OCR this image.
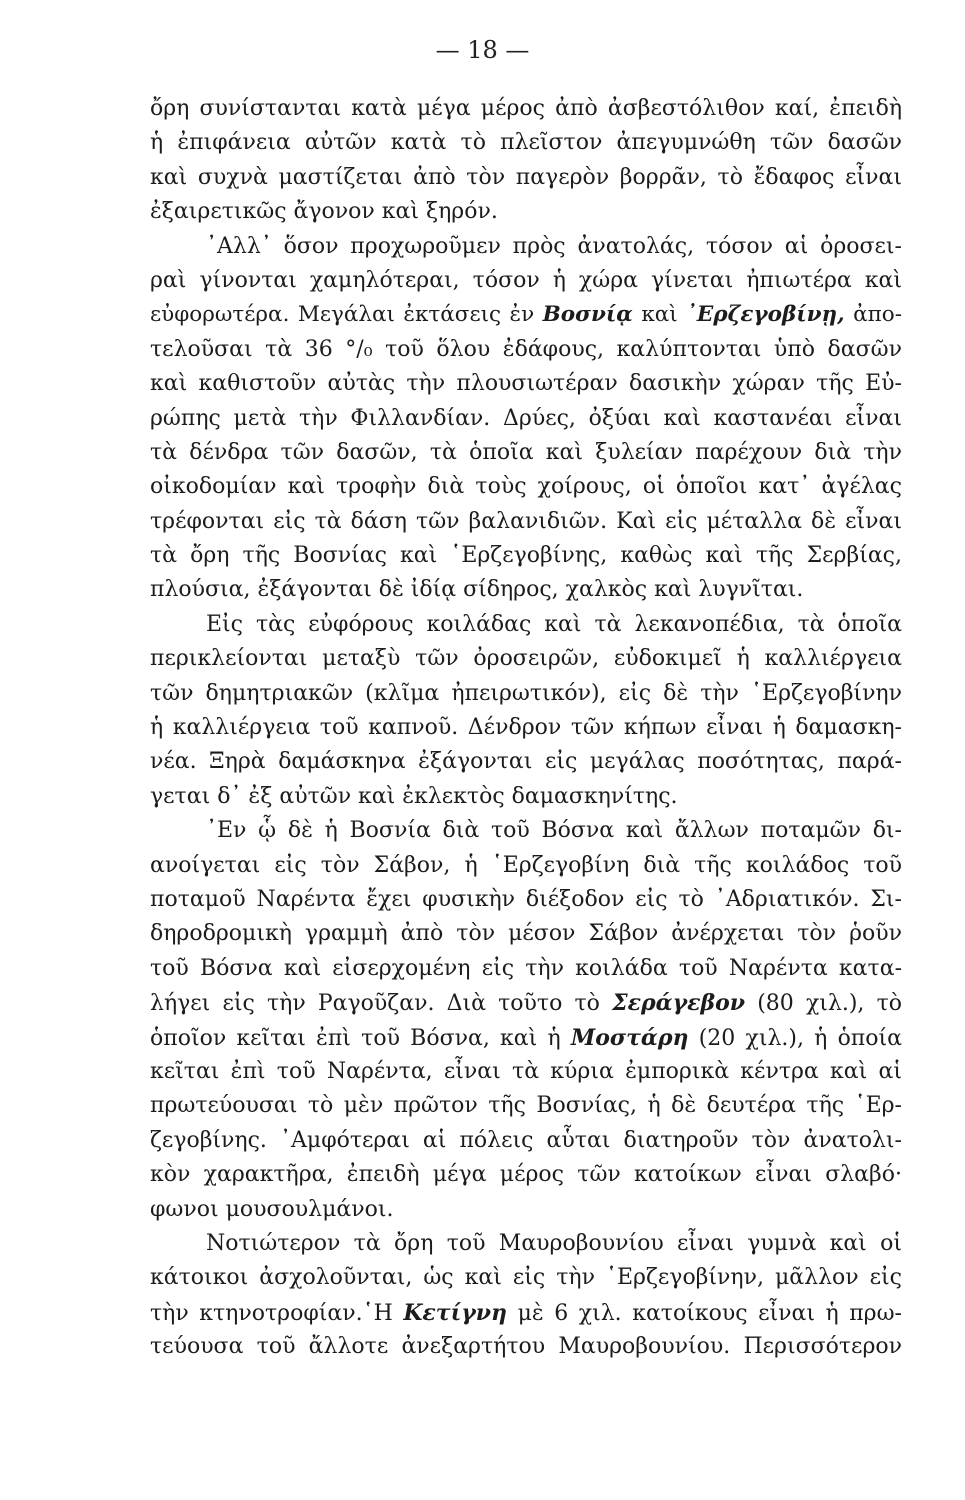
— 18 —
ὄρη συνίστανται κατὰ μέγα μέρος ἀπὸ ἀσβεστόλιθον καί, ἐπειδὴ
ἡ ἐπιφάνεια αὐτῶν κατὰ τὸ πλεῖστον ἀπεγυμνώθη τῶν δασῶν
καὶ συχνὰ μαστίζεται ἀπὸ τὸν παγερὸν βορρᾶν, τὸ ἔδαφος εἶναι
ἐξαιρετικῶς ἄγονον καὶ ξηρόν.
᾽Αλλ᾽ ὅσον προχωροῦμεν πρὸς ἀνατολάς, τόσον αἱ ὀροσει-
ραὶ γίνονται χαμηλότεραι, τόσον ἡ χώρα γίνεται ἠπιωτέρα καὶ
εὐφορωτέρα. Μεγάλαι ἐκτάσεις ἐν Βοσνίᾳ καὶ ᾽Ερζεγοβίνῃ, ἀπο-
τελοῦσαι τὰ 36 °/₀ τοῦ ὅλου ἐδάφους, καλύπτονται ὑπὸ δασῶν
καὶ καθιστοῦν αὐτὰς τὴν πλουσιωτέραν δασικὴν χώραν τῆς Εὐ-
ρώπης μετὰ τὴν Φιλλανδίαν. Δρύες, ὀξύαι καὶ καστανέαι εἶναι
τὰ δένδρα τῶν δασῶν, τὰ ὁποῖα καὶ ξυλείαν παρέχουν διὰ τὴν
οἰκοδομίαν καὶ τροφὴν διὰ τοὺς χοίρους, οἱ ὁποῖοι κατ᾽ ἀγέλας
τρέφονται εἰς τὰ δάση τῶν βαλανιδιῶν. Καὶ εἰς μέταλλα δὲ εἶναι
τὰ ὄρη τῆς Βοσνίας καὶ ῾Ερζεγοβίνης, καθὼς καὶ τῆς Σερβίας,
πλούσια, ἐξάγονται δὲ ἰδίᾳ σίδηρος, χαλκὸς καὶ λυγνῖται.
Εἰς τὰς εὐφόρους κοιλάδας καὶ τὰ λεκανοπέδια, τὰ ὁποῖα
περικλείονται μεταξὺ τῶν ὀροσειρῶν, εὐδοκιμεῖ ἡ καλλιέργεια
τῶν δημητριακῶν (κλῖμα ἠπειρωτικόν), εἰς δὲ τὴν ῾Ερζεγοβίνην
ἡ καλλιέργεια τοῦ καπνοῦ. Δένδρον τῶν κήπων εἶναι ἡ δαμασκη-
νέα. Ξηρὰ δαμάσκηνα ἐξάγονται εἰς μεγάλας ποσότητας, παρά-
γεται δ᾽ ἐξ αὐτῶν καὶ ἐκλεκτὸς δαμασκηνίτης.
᾽Εν ᾧ δὲ ἡ Βοσνία διὰ τοῦ Βόσνα καὶ ἄλλων ποταμῶν δι-
ανοίγεται εἰς τὸν Σάβον, ἡ ῾Ερζεγοβίνη διὰ τῆς κοιλάδος τοῦ
ποταμοῦ Ναρέντα ἔχει φυσικὴν διέξοδον εἰς τὸ ᾽Αδριατικόν. Σι-
δηροδρομικὴ γραμμὴ ἀπὸ τὸν μέσον Σάβον ἀνέρχεται τὸν ῥοῦν
τοῦ Βόσνα καὶ εἰσερχομένη εἰς τὴν κοιλάδα τοῦ Ναρέντα κατα-
λήγει εἰς τὴν Ραγοῦζαν. Διὰ τοῦτο τὸ Σεράγεβον (80 χιλ.), τὸ
ὁποῖον κεῖται ἐπὶ τοῦ Βόσνα, καὶ ἡ Μοστάρη (20 χιλ.), ἡ ὁποία
κεῖται ἐπὶ τοῦ Ναρέντα, εἶναι τὰ κύρια ἐμπορικὰ κέντρα καὶ αἱ
πρωτεύουσαι τὸ μὲν πρῶτον τῆς Βοσνίας, ἡ δὲ δευτέρα τῆς ῾Ερ-
ζεγοβίνης. ᾽Αμφότεραι αἱ πόλεις αὗται διατηροῦν τὸν ἀνατολι-
κὸν χαρακτῆρα, ἐπειδὴ μέγα μέρος τῶν κατοίκων εἶναι σλαβό·
φωνοι μουσουλμάνοι.
Νοτιώτερον τὰ ὄρη τοῦ Μαυροβουνίου εἶναι γυμνὰ καὶ οἱ
κάτοικοι ἀσχολοῦνται, ὡς καὶ εἰς τὴν ῾Ερζεγοβίνην, μᾶλλον εἰς
τὴν κτηνοτροφίαν.῾Η Κετίγνη μὲ 6 χιλ. κατοίκους εἶναι ἡ πρω-
τεύουσα τοῦ ἄλλοτε ἀνεξαρτήτου Μαυροβουνίου. Περισσότερον
